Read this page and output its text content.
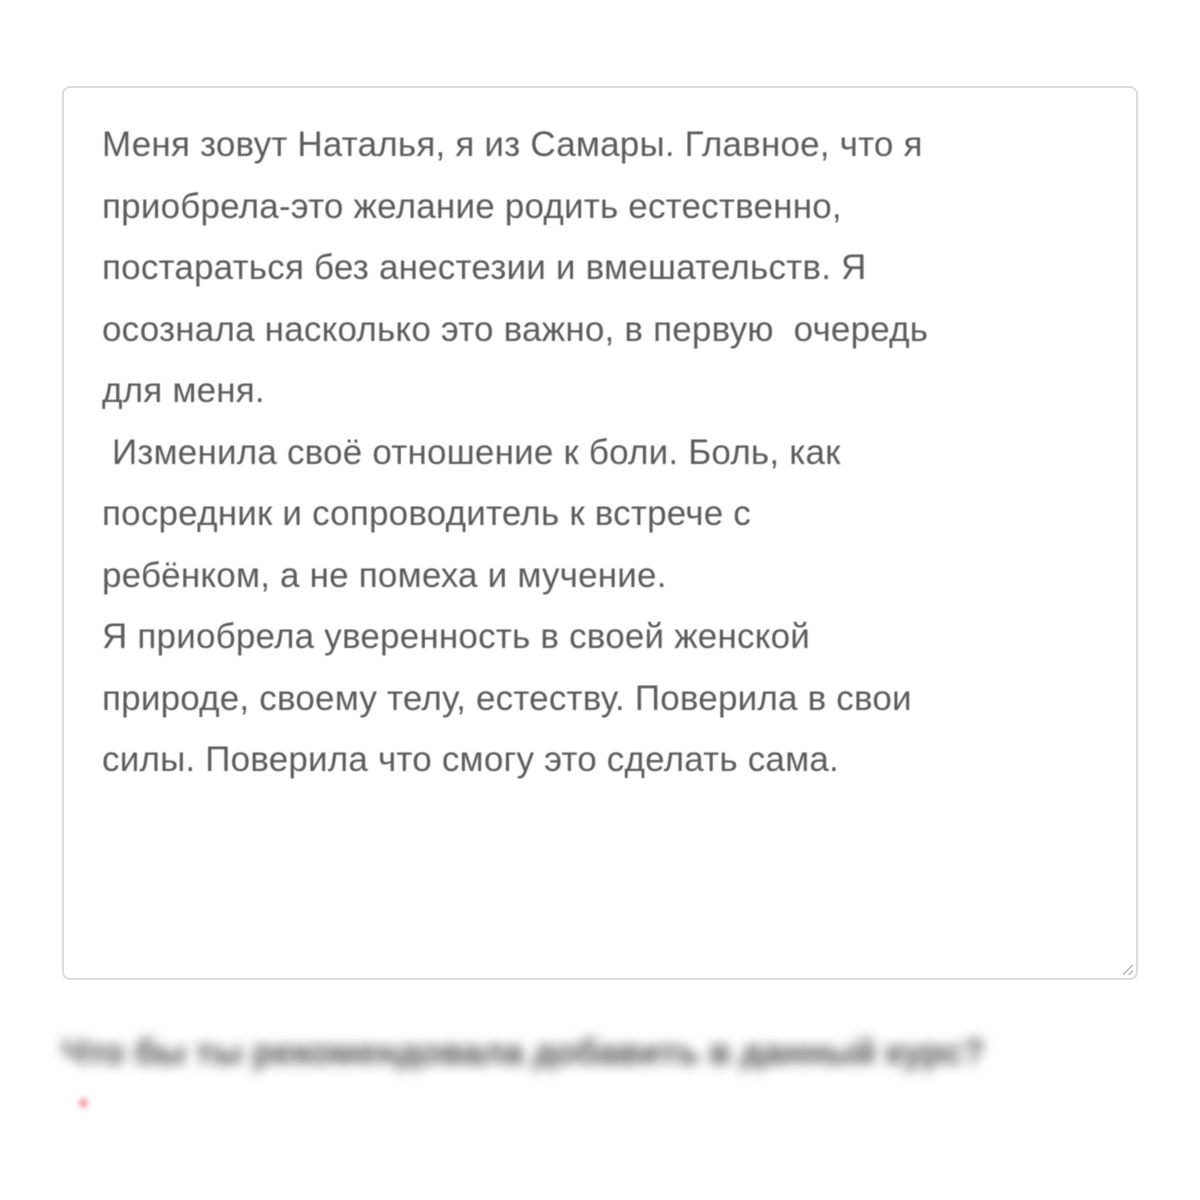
Меня зовут Наталья, я из Самары. Главное, что я
приобрела-это желание родить естественно,
постараться без анестезии и вмешательств. Я
осознала насколько это важно, в первую  очередь
для меня.
Изменила своё отношение к боли. Боль, как
посредник и сопроводитель к встрече с
ребёнком, а не помеха и мучение.
Я приобрела уверенность в своей женской
природе, своему телу, естеству. Поверила в свои
силы. Поверила что смогу это сделать сама.

Что бы ты рекомендовала добавить в данный курс?

*
